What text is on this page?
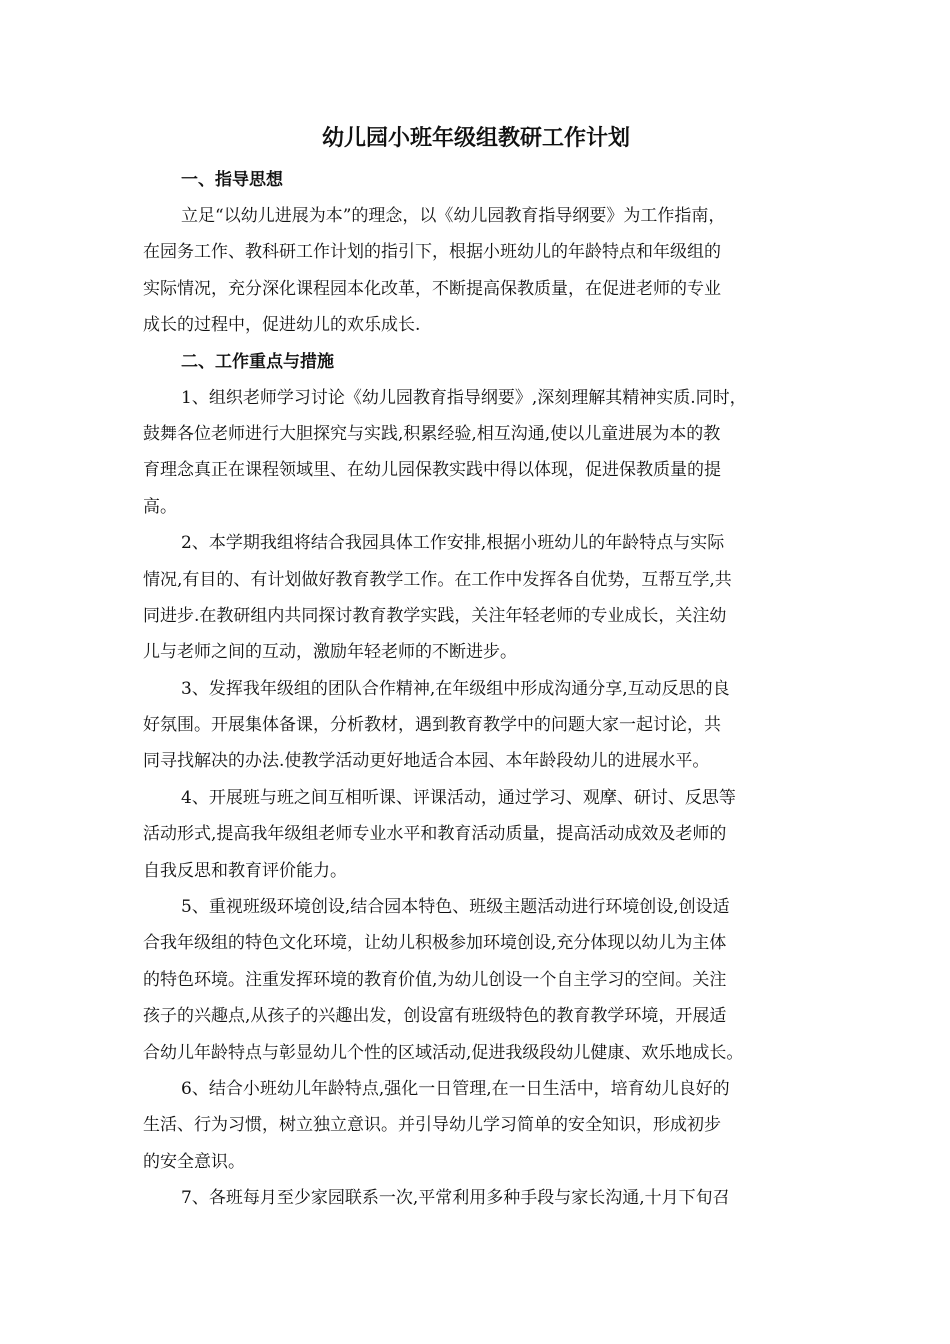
幼儿园小班年级组教研工作计划
一、指导思想
立足“以幼儿进展为本”的理念，以《幼儿园教育指导纲要》为工作指南，
在园务工作、教科研工作计划的指引下，根据小班幼儿的年龄特点和年级组的
实际情况，充分深化课程园本化改革，不断提高保教质量，在促进老师的专业
成长的过程中，促进幼儿的欢乐成长.
二、工作重点与措施
1、组织老师学习讨论《幼儿园教育指导纲要》,深刻理解其精神实质.同时，
鼓舞各位老师进行大胆探究与实践,积累经验,相互沟通,使以儿童进展为本的教
育理念真正在课程领域里、在幼儿园保教实践中得以体现，促进保教质量的提
高。
2、本学期我组将结合我园具体工作安排,根据小班幼儿的年龄特点与实际
情况,有目的、有计划做好教育教学工作。在工作中发挥各自优势，互帮互学,共
同进步.在教研组内共同探讨教育教学实践，关注年轻老师的专业成长，关注幼
儿与老师之间的互动，激励年轻老师的不断进步。
3、发挥我年级组的团队合作精神,在年级组中形成沟通分享,互动反思的良
好氛围。开展集体备课，分析教材，遇到教育教学中的问题大家一起讨论，共
同寻找解决的办法.使教学活动更好地适合本园、本年龄段幼儿的进展水平。
4、开展班与班之间互相听课、评课活动，通过学习、观摩、研讨、反思等
活动形式,提高我年级组老师专业水平和教育活动质量，提高活动成效及老师的
自我反思和教育评价能力。
5、重视班级环境创设,结合园本特色、班级主题活动进行环境创设,创设适
合我年级组的特色文化环境，让幼儿积极参加环境创设,充分体现以幼儿为主体
的特色环境。注重发挥环境的教育价值,为幼儿创设一个自主学习的空间。关注
孩子的兴趣点,从孩子的兴趣出发，创设富有班级特色的教育教学环境，开展适
合幼儿年龄特点与彰显幼儿个性的区域活动,促进我级段幼儿健康、欢乐地成长。
6、结合小班幼儿年龄特点,强化一日管理,在一日生活中，培育幼儿良好的
生活、行为习惯，树立独立意识。并引导幼儿学习简单的安全知识，形成初步
的安全意识。
7、各班每月至少家园联系一次,平常利用多种手段与家长沟通,十月下旬召
